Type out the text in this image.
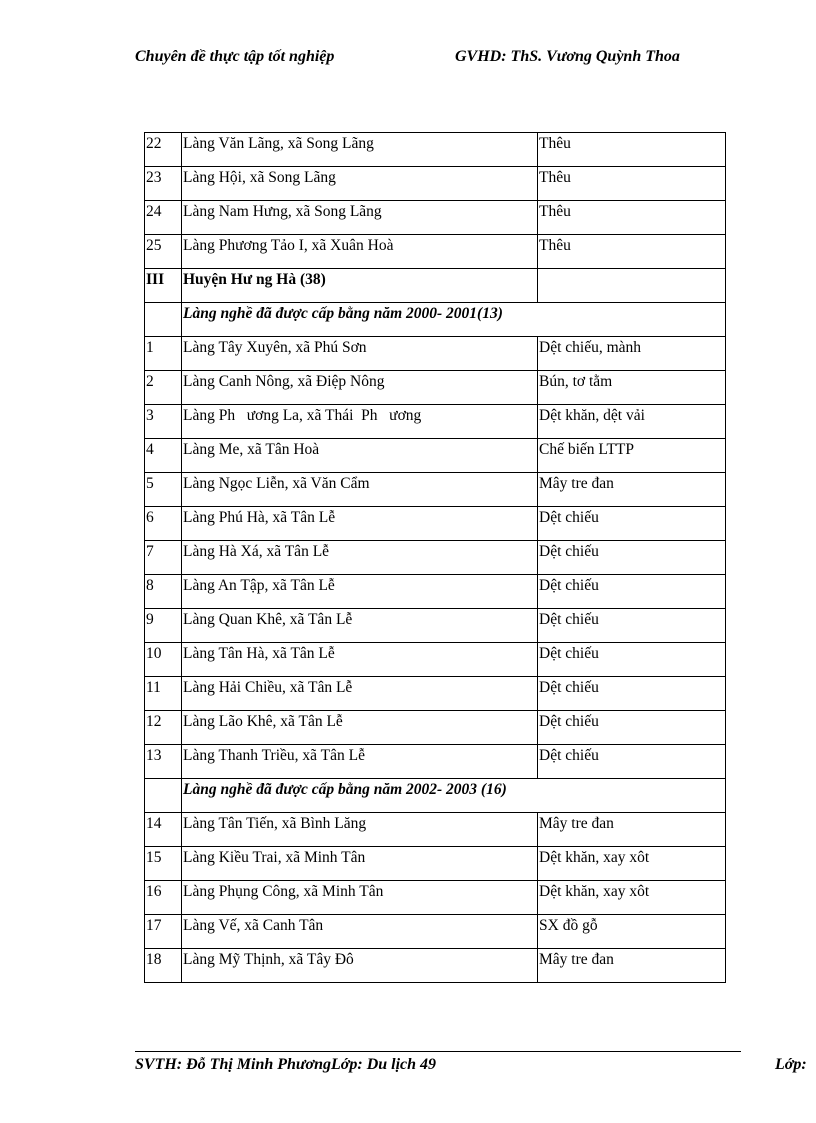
Chuyên đề thực tập tốt nghiệp	GVHD: ThS. Vương Quỳnh Thoa
22	Làng Văn Lãng, xã Song Lãng	Thêu
23	Làng Hội, xã Song Lãng	Thêu
24	Làng Nam Hưng, xã Song Lãng	Thêu
25	Làng Phương Tảo I, xã Xuân Hoà	Thêu
III	Huyện Hư ng Hà (38)	
	Làng nghề đã được cấp bằng năm 2000- 2001(13)	
1	Làng Tây Xuyên, xã Phú Sơn	Dệt chiếu, mành
2	Làng Canh Nông, xã Điệp Nông	Bún, tơ tằm
3	Làng Ph   ương La, xã Thái  Ph   ương	Dệt khăn, dệt vải
4	Làng Me, xã Tân Hoà	Chế biến LTTP
5	Làng Ngọc Liễn, xã Văn Cẩm	Mây tre đan
6	Làng Phú Hà, xã Tân Lễ	Dệt chiếu
7	Làng Hà Xá, xã Tân Lễ	Dệt chiếu
8	Làng An Tập, xã Tân Lễ	Dệt chiếu
9	Làng Quan Khê, xã Tân Lễ	Dệt chiếu
10	Làng Tân Hà, xã Tân Lễ	Dệt chiếu
11	Làng Hải Chiều, xã Tân Lễ	Dệt chiếu
12	Làng Lão Khê, xã Tân Lễ	Dệt chiếu
13	Làng Thanh Triều, xã Tân Lễ	Dệt chiếu
	Làng nghề đã được cấp bằng năm 2002- 2003 (16)	
14	Làng Tân Tiến, xã Bình Lăng	Mây tre đan
15	Làng Kiều Trai, xã Minh Tân	Dệt khăn, xay xôt
16	Làng Phụng Công, xã Minh Tân	Dệt khăn, xay xôt
17	Làng Vế, xã Canh Tân	SX đồ gỗ
18	Làng Mỹ Thịnh, xã Tây Đô	Mây tre đan
SVTH: Đỗ Thị Minh PhươngLớp: Du lịch 49	Lớp:
